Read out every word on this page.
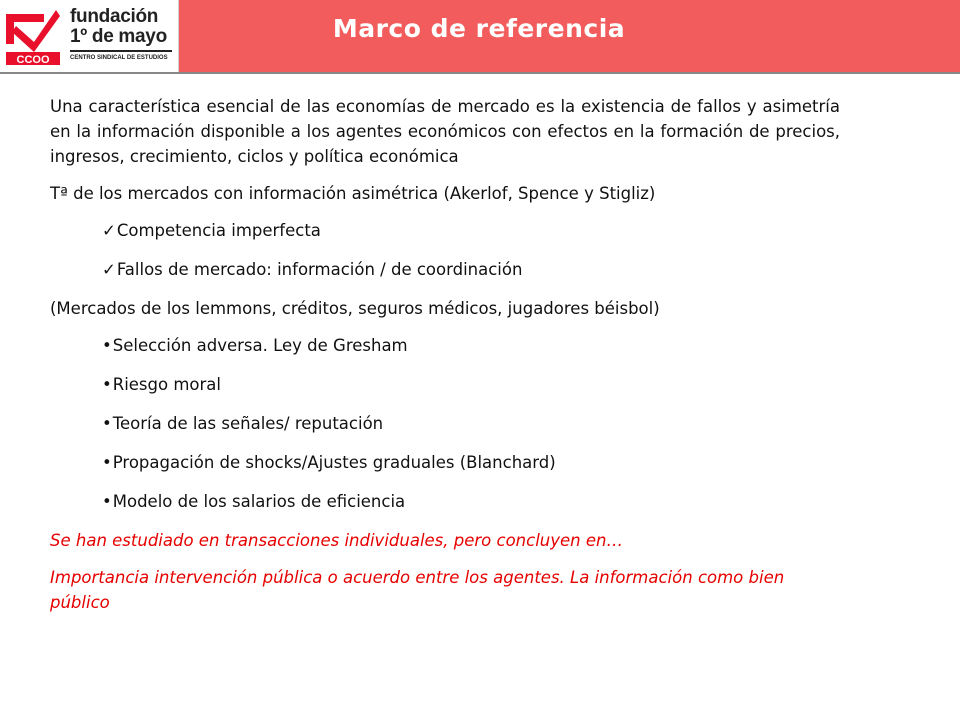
CCOO
fundación
1º de mayo
CENTRO SINDICAL DE ESTUDIOS
Marco de referencia

Una característica esencial de las economías de mercado es la existencia de fallos y asimetría en la información disponible a los agentes económicos con efectos en la formación de precios, ingresos, crecimiento, ciclos y política económica

Tª de los mercados con información asimétrica (Akerlof, Spence y Stigliz)

✓Competencia imperfecta
✓Fallos de mercado: información / de coordinación

(Mercados de los lemmons, créditos, seguros médicos, jugadores béisbol)

•Selección adversa. Ley de Gresham
•Riesgo moral
•Teoría de las señales/ reputación
•Propagación de shocks/Ajustes graduales (Blanchard)
•Modelo de los salarios de eficiencia

Se han estudiado en transacciones individuales, pero concluyen en…

Importancia intervención pública o acuerdo entre los agentes. La información como bien público
